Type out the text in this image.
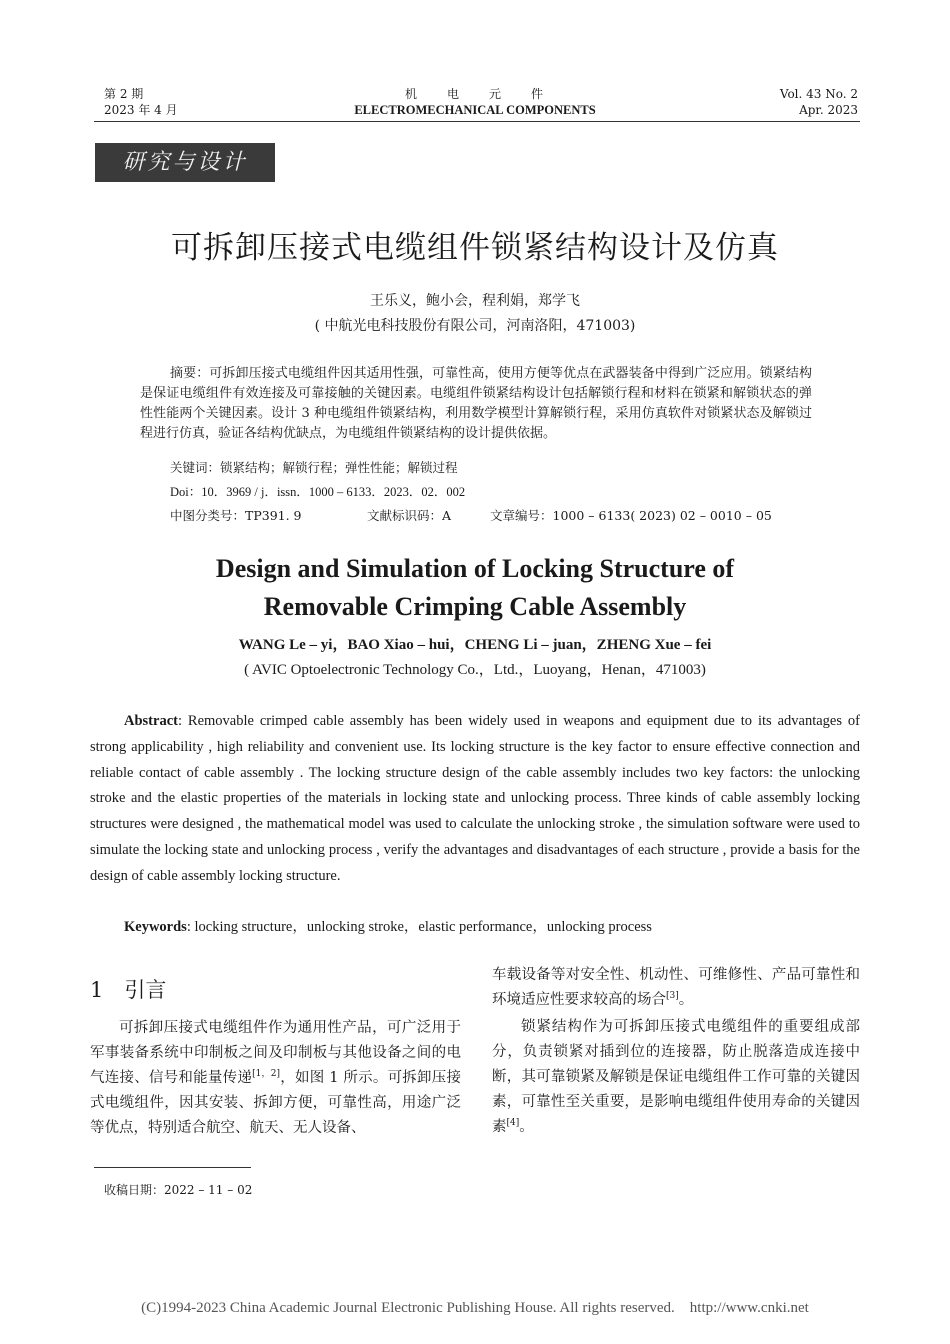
第 2 期
2023 年 4 月
机　　电　　元　　件
ELECTROMECHANICAL COMPONENTS
Vol. 43 No. 2
Apr. 2023
研究与设计
可拆卸压接式电缆组件锁紧结构设计及仿真
王乐义，鲍小会，程利娟，郑学飞
( 中航光电科技股份有限公司，河南洛阳，471003)

摘要：可拆卸压接式电缆组件因其适用性强，可靠性高，使用方便等优点在武器装备中得到广泛应用。锁紧结构是保证电缆组件有效连接及可靠接触的关键因素。电缆组件锁紧结构设计包括解锁行程和材料在锁紧和解锁状态的弹性性能两个关键因素。设计 3 种电缆组件锁紧结构，利用数学模型计算解锁行程，采用仿真软件对锁紧状态及解锁过程进行仿真，验证各结构优缺点，为电缆组件锁紧结构的设计提供依据。

关键词：锁紧结构；解锁行程；弹性性能；解锁过程
Doi：10．3969 / j．issn．1000 – 6133．2023．02．002
中图分类号：TP391. 9	文献标识码：A	文章编号：1000 – 6133( 2023) 02 – 0010 – 05
Design and Simulation of Locking Structure of
Removable Crimping Cable Assembly
WANG Le – yi，BAO Xiao – hui，CHENG Li – juan，ZHENG Xue – fei
( AVIC Optoelectronic Technology Co.，Ltd.，Luoyang，Henan，471003)

Abstract: Removable crimped cable assembly has been widely used in weapons and equipment due to its advantages of strong applicability , high reliability and convenient use. Its locking structure is the key factor to ensure effective connection and reliable contact of cable assembly . The locking structure design of the cable assembly includes two key factors: the unlocking stroke and the elastic properties of the materials in locking state and unlocking process. Three kinds of cable assembly locking structures were designed , the mathematical model was used to calculate the unlocking stroke , the simulation software were used to simulate the locking state and unlocking process , verify the advantages and disadvantages of each structure , provide a basis for the design of cable assembly locking structure.

Keywords: locking structure，unlocking stroke，elastic performance，unlocking process

1　引言

可拆卸压接式电缆组件作为通用性产品，可广泛用于军事装备系统中印制板之间及印制板与其他设备之间的电气连接、信号和能量传递[1，2]，如图 1 所示。可拆卸压接式电缆组件，因其安装、拆卸方便，可靠性高，用途广泛等优点，特别适合航空、航天、无人设备、

车载设备等对安全性、机动性、可维修性、产品可靠性和环境适应性要求较高的场合[3]。

锁紧结构作为可拆卸压接式电缆组件的重要组成部分，负责锁紧对插到位的连接器，防止脱落造成连接中断，其可靠锁紧及解锁是保证电缆组件工作可靠的关键因素，可靠性至关重要，是影响电缆组件使用寿命的关键因素[4]。

收稿日期：2022 – 11 – 02
(C)1994-2023 China Academic Journal Electronic Publishing House. All rights reserved.　http://www.cnki.net
